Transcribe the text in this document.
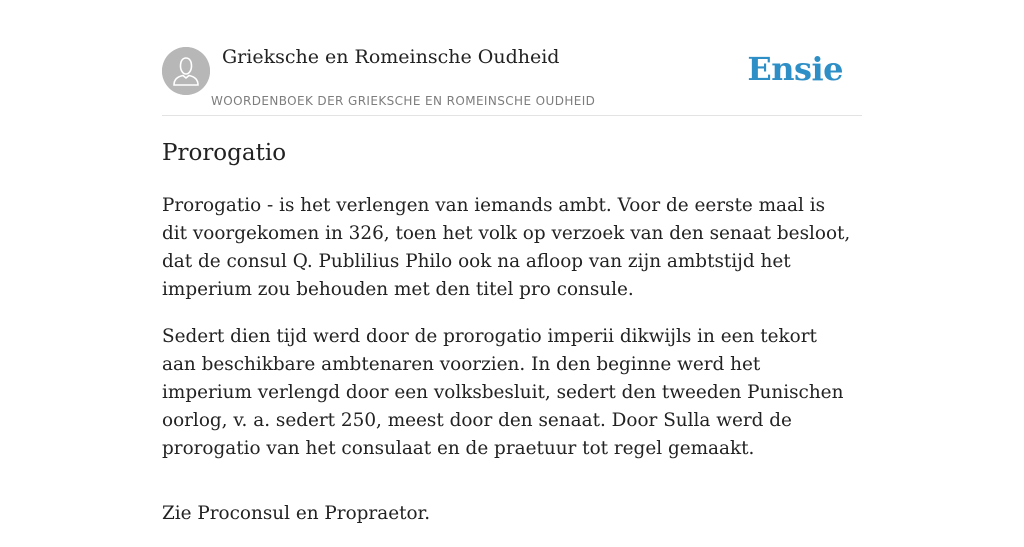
Grieksche en Romeinsche Oudheid
WOORDENBOEK DER GRIEKSCHE EN ROMEINSCHE OUDHEID
Ensie
Prorogatio

Prorogatio - is het verlengen van iemands ambt. Voor de eerste maal is dit voorgekomen in 326, toen het volk op verzoek van den senaat besloot, dat de consul Q. Publilius Philo ook na afloop van zijn ambtstijd het imperium zou behouden met den titel pro consule.

Sedert dien tijd werd door de prorogatio imperii dikwijls in een tekort aan beschikbare ambtenaren voorzien. In den beginne werd het imperium verlengd door een volksbesluit, sedert den tweeden Punischen oorlog, v. a. sedert 250, meest door den senaat. Door Sulla werd de prorogatio van het consulaat en de praetuur tot regel gemaakt.

Zie Proconsul en Propraetor.
